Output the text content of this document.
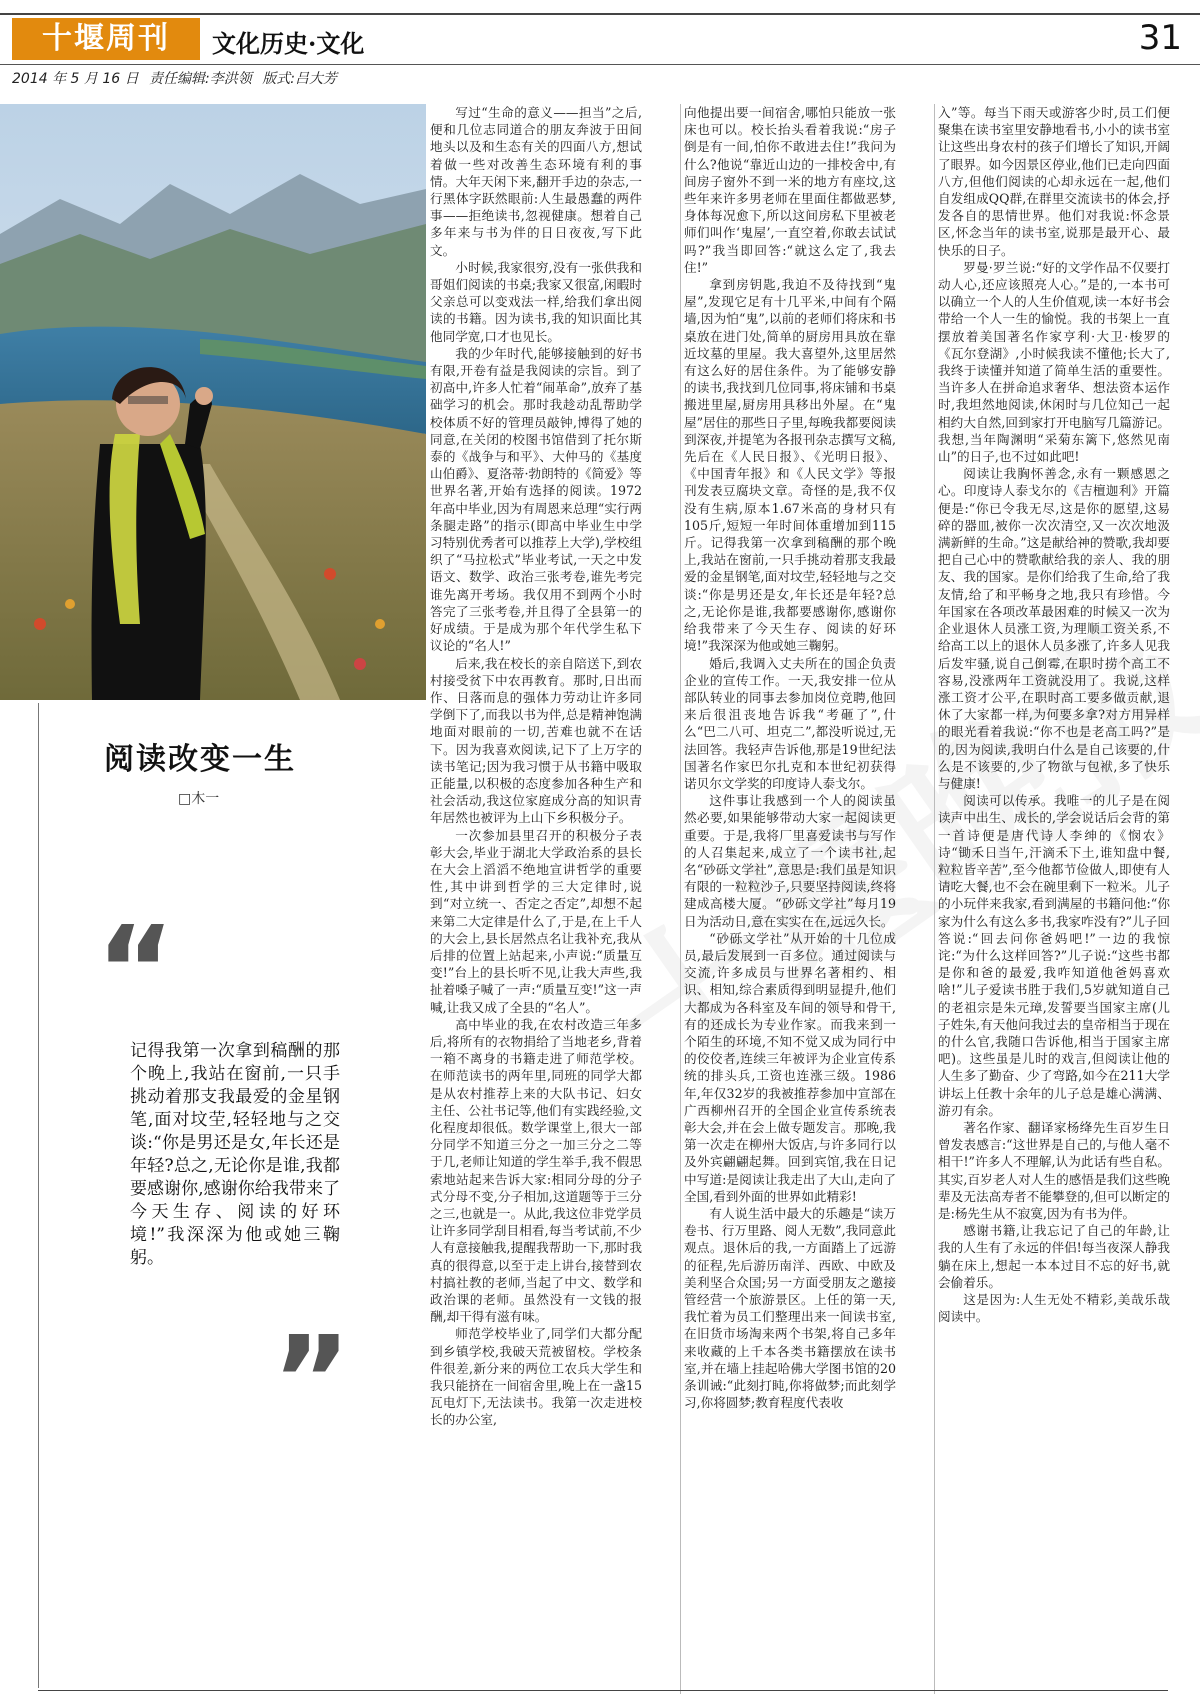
十堰周刊	文化历史·文化	31
2014 年 5 月 16 日 责任编辑:李洪领 版式:吕大芳
阅读改变一生
□木一
“
记得我第一次拿到稿酬的那个晚上,我站在窗前,一只手挑动着那支我最爱的金星钢笔,面对坟茔,轻轻地与之交谈:“你是男还是女,年长还是年轻?总之,无论你是谁,我都要感谢你,感谢你给我带来了今天生存、阅读的好环境!”我深深为他或她三鞠躬。
”

写过“生命的意义——担当”之后,便和几位志同道合的朋友奔波于田间地头以及和生态有关的四面八方,想试着做一些对改善生态环境有利的事情。大年天闲下来,翻开手边的杂志,一行黑体字跃然眼前:人生最愚蠢的两件事——拒绝读书,忽视健康。想着自己多年来与书为伴的日日夜夜,写下此文。

小时候,我家很穷,没有一张供我和哥姐们阅读的书桌;我家又很富,闲暇时父亲总可以变戏法一样,给我们拿出阅读的书籍。因为读书,我的知识面比其他同学宽,口才也见长。

我的少年时代,能够接触到的好书有限,开卷有益是我阅读的宗旨。到了初高中,许多人忙着“闹革命”,放弃了基础学习的机会。那时我趁动乱帮助学校体质不好的管理员敲钟,博得了她的同意,在关闭的校图书馆借到了托尔斯泰的《战争与和平》、大仲马的《基度山伯爵》、夏洛蒂·勃朗特的《简爱》等世界名著,开始有选择的阅读。1972年高中毕业,因为有周恩来总理“实行两条腿走路”的指示(即高中毕业生中学习特别优秀者可以推荐上大学),学校组织了“马拉松式”毕业考试,一天之中发语文、数学、政治三张考卷,谁先考完谁先离开考场。我仅用不到两个小时答完了三张考卷,并且得了全县第一的好成绩。于是成为那个年代学生私下议论的“名人!”

后来,我在校长的亲自陪送下,到农村接受贫下中农再教育。那时,日出而作、日落而息的强体力劳动让许多同学倒下了,而我以书为伴,总是精神饱满地面对眼前的一切,苦难也就不在话下。因为我喜欢阅读,记下了上万字的读书笔记;因为我习惯于从书籍中吸取正能量,以积极的态度参加各种生产和社会活动,我这位家庭成分高的知识青年居然也被评为上山下乡积极分子。

一次参加县里召开的积极分子表彰大会,毕业于湖北大学政治系的县长在大会上滔滔不绝地宣讲哲学的重要性,其中讲到哲学的三大定律时,说到“对立统一、否定之否定”,却想不起来第二大定律是什么了,于是,在上千人的大会上,县长居然点名让我补充,我从后排的位置上站起来,小声说:“质量互变!”台上的县长听不见,让我大声些,我扯着嗓子喊了一声:“质量互变!”这一声喊,让我又成了全县的“名人”。

高中毕业的我,在农村改造三年多后,将所有的衣物捐给了当地老乡,背着一箱不离身的书籍走进了师范学校。在师范读书的两年里,同班的同学大都是从农村推荐上来的大队书记、妇女主任、公社书记等,他们有实践经验,文化程度却很低。数学课堂上,很大一部分同学不知道三分之一加三分之二等于几,老师让知道的学生举手,我不假思索地站起来告诉大家:相同分母的分子式分母不变,分子相加,这道题等于三分之三,也就是一。从此,我这位非党学员让许多同学刮目相看,每当考试前,不少人有意接触我,提醒我帮助一下,那时我真的很得意,以至于走上讲台,接替到农村搞社教的老师,当起了中文、数学和政治课的老师。虽然没有一文钱的报酬,却干得有滋有味。

师范学校毕业了,同学们大都分配到乡镇学校,我破天荒被留校。学校条件很差,新分来的两位工农兵大学生和我只能挤在一间宿舍里,晚上在一盏15瓦电灯下,无法读书。我第一次走进校长的办公室,

向他提出要一间宿舍,哪怕只能放一张床也可以。校长抬头看着我说:“房子倒是有一间,怕你不敢进去住!”我问为什么?他说“靠近山边的一排校舍中,有间房子窗外不到一米的地方有座坟,这些年来许多男老师在里面住都做恶梦,身体每况愈下,所以这间房私下里被老师们叫作‘鬼屋’,一直空着,你敢去试试吗?”我当即回答:“就这么定了,我去住!”

拿到房钥匙,我迫不及待找到“鬼屋”,发现它足有十几平米,中间有个隔墙,因为怕“鬼”,以前的老师们将床和书桌放在进门处,简单的厨房用具放在靠近坟墓的里屋。我大喜望外,这里居然有这么好的居住条件。为了能够安静的读书,我找到几位同事,将床铺和书桌搬进里屋,厨房用具移出外屋。在“鬼屋”居住的那些日子里,每晚我都要阅读到深夜,并提笔为各报刊杂志撰写文稿,先后在《人民日报》、《光明日报》、《中国青年报》和《人民文学》等报刊发表豆腐块文章。奇怪的是,我不仅没有生病,原本1.67米高的身材只有105斤,短短一年时间体重增加到115斤。记得我第一次拿到稿酬的那个晚上,我站在窗前,一只手挑动着那支我最爱的金星钢笔,面对坟茔,轻轻地与之交谈:“你是男还是女,年长还是年轻?总之,无论你是谁,我都要感谢你,感谢你给我带来了今天生存、阅读的好环境!”我深深为他或她三鞠躬。

婚后,我调入丈夫所在的国企负责企业的宣传工作。一天,我安排一位从部队转业的同事去参加岗位竞聘,他回来后很沮丧地告诉我“考砸了”,什么“巴二八可、坦克二”,都没听说过,无法回答。我轻声告诉他,那是19世纪法国著名作家巴尔扎克和本世纪初获得诺贝尔文学奖的印度诗人泰戈尔。

这件事让我感到一个人的阅读虽然必要,如果能够带动大家一起阅读更重要。于是,我将厂里喜爱读书与写作的人召集起来,成立了一个读书社,起名“砂砾文学社”,意思是:我们虽是知识有限的一粒粒沙子,只要坚持阅读,终将建成高楼大厦。“砂砾文学社”每月19日为活动日,意在实实在在,远远久长。

“砂砾文学社”从开始的十几位成员,最后发展到一百多位。通过阅读与交流,许多成员与世界名著相约、相识、相知,综合素质得到明显提升,他们大都成为各科室及车间的领导和骨干,有的还成长为专业作家。而我来到一个陌生的环境,不知不觉又成为同行中的佼佼者,连续三年被评为企业宣传系统的排头兵,工资也连涨三级。1986年,年仅32岁的我被推荐参加中宣部在广西柳州召开的全国企业宣传系统表彰大会,并在会上做专题发言。那晚,我第一次走在柳州大饭店,与许多同行以及外宾翩翩起舞。回到宾馆,我在日记中写道:是阅读让我走出了大山,走向了全国,看到外面的世界如此精彩!

有人说生活中最大的乐趣是“读万卷书、行万里路、阅人无数”,我同意此观点。退休后的我,一方面踏上了远游的征程,先后游历南洋、西欧、中欧及美利坚合众国;另一方面受朋友之邀接管经营一个旅游景区。上任的第一天,我忙着为员工们整理出来一间读书室,在旧货市场淘来两个书架,将自己多年来收藏的上千本各类书籍摆放在读书室,并在墙上挂起哈佛大学图书馆的20条训诫:“此刻打盹,你将做梦;而此刻学习,你将圆梦;教育程度代表收

入”等。每当下雨天或游客少时,员工们便聚集在读书室里安静地看书,小小的读书室让这些出身农村的孩子们增长了知识,开阔了眼界。如今因景区停业,他们已走向四面八方,但他们阅读的心却永远在一起,他们自发组成QQ群,在群里交流读书的体会,抒发各自的思情世界。他们对我说:怀念景区,怀念当年的读书室,说那是最开心、最快乐的日子。

罗曼·罗兰说:“好的文学作品不仅要打动人心,还应该照亮人心。”是的,一本书可以确立一个人的人生价值观,读一本好书会带给一个人一生的愉悦。我的书架上一直摆放着美国著名作家亨利·大卫·梭罗的《瓦尔登湖》,小时候我读不懂他;长大了,我终于读懂并知道了简单生活的重要性。当许多人在拼命追求奢华、想法资本运作时,我坦然地阅读,休闲时与几位知己一起相约大自然,回到家打开电脑写几篇游记。我想,当年陶渊明“采菊东篱下,悠然见南山”的日子,也不过如此吧!

阅读让我胸怀善念,永有一颗感恩之心。印度诗人泰戈尔的《吉檀迦利》开篇便是:“你已令我无尽,这是你的愿望,这易碎的器皿,被你一次次清空,又一次次地汲满新鲜的生命。”这是献给神的赞歌,我却要把自己心中的赞歌献给我的亲人、我的朋友、我的国家。是你们给我了生命,给了我友情,给了和平畅身之地,我只有珍惜。今年国家在各项改革最困难的时候又一次为企业退休人员涨工资,为理顺工资关系,不给高工以上的退休人员多涨了,许多人见我后发牢骚,说自己倒霉,在职时捞个高工不容易,没涨两年工资就没用了。我说,这样涨工资才公平,在职时高工要多做贡献,退休了大家都一样,为何要多拿?对方用异样的眼光看着我说:“你不也是老高工吗?”是的,因为阅读,我明白什么是自己该要的,什么是不该要的,少了物欲与包袱,多了快乐与健康!

阅读可以传承。我唯一的儿子是在阅读声中出生、成长的,学会说话后会背的第一首诗便是唐代诗人李绅的《悯农》诗“锄禾日当午,汗滴禾下土,谁知盘中餐,粒粒皆辛苦”,至今他都节俭做人,即使有人请吃大餐,也不会在碗里剩下一粒米。儿子的小玩伴来我家,看到满屋的书籍问他:“你家为什么有这么多书,我家咋没有?”儿子回答说:“回去问你爸妈吧!”一边的我惊诧:“为什么这样回答?”儿子说:“这些书都是你和爸的最爱,我咋知道他爸妈喜欢啥!”儿子爱读书胜于我们,5岁就知道自己的老祖宗是朱元璋,发誓要当国家主席(儿子姓朱,有天他问我过去的皇帝相当于现在的什么官,我随口告诉他,相当于国家主席吧)。这些虽是儿时的戏言,但阅读让他的人生多了勤奋、少了弯路,如今在211大学讲坛上任教十余年的儿子总是雄心满满、游刃有余。

著名作家、翻译家杨绛先生百岁生日曾发表感言:“这世界是自己的,与他人毫不相干!”许多人不理解,认为此话有些自私。其实,百岁老人对人生的感悟是我们这些晚辈及无法高寿者不能攀登的,但可以断定的是:杨先生从不寂寞,因为有书为伴。

感谢书籍,让我忘记了自己的年龄,让我的人生有了永远的伴侣!每当夜深人静我躺在床上,想起一本本过目不忘的好书,就会偷着乐。

这是因为:人生无处不精彩,美哉乐哉阅读中。
